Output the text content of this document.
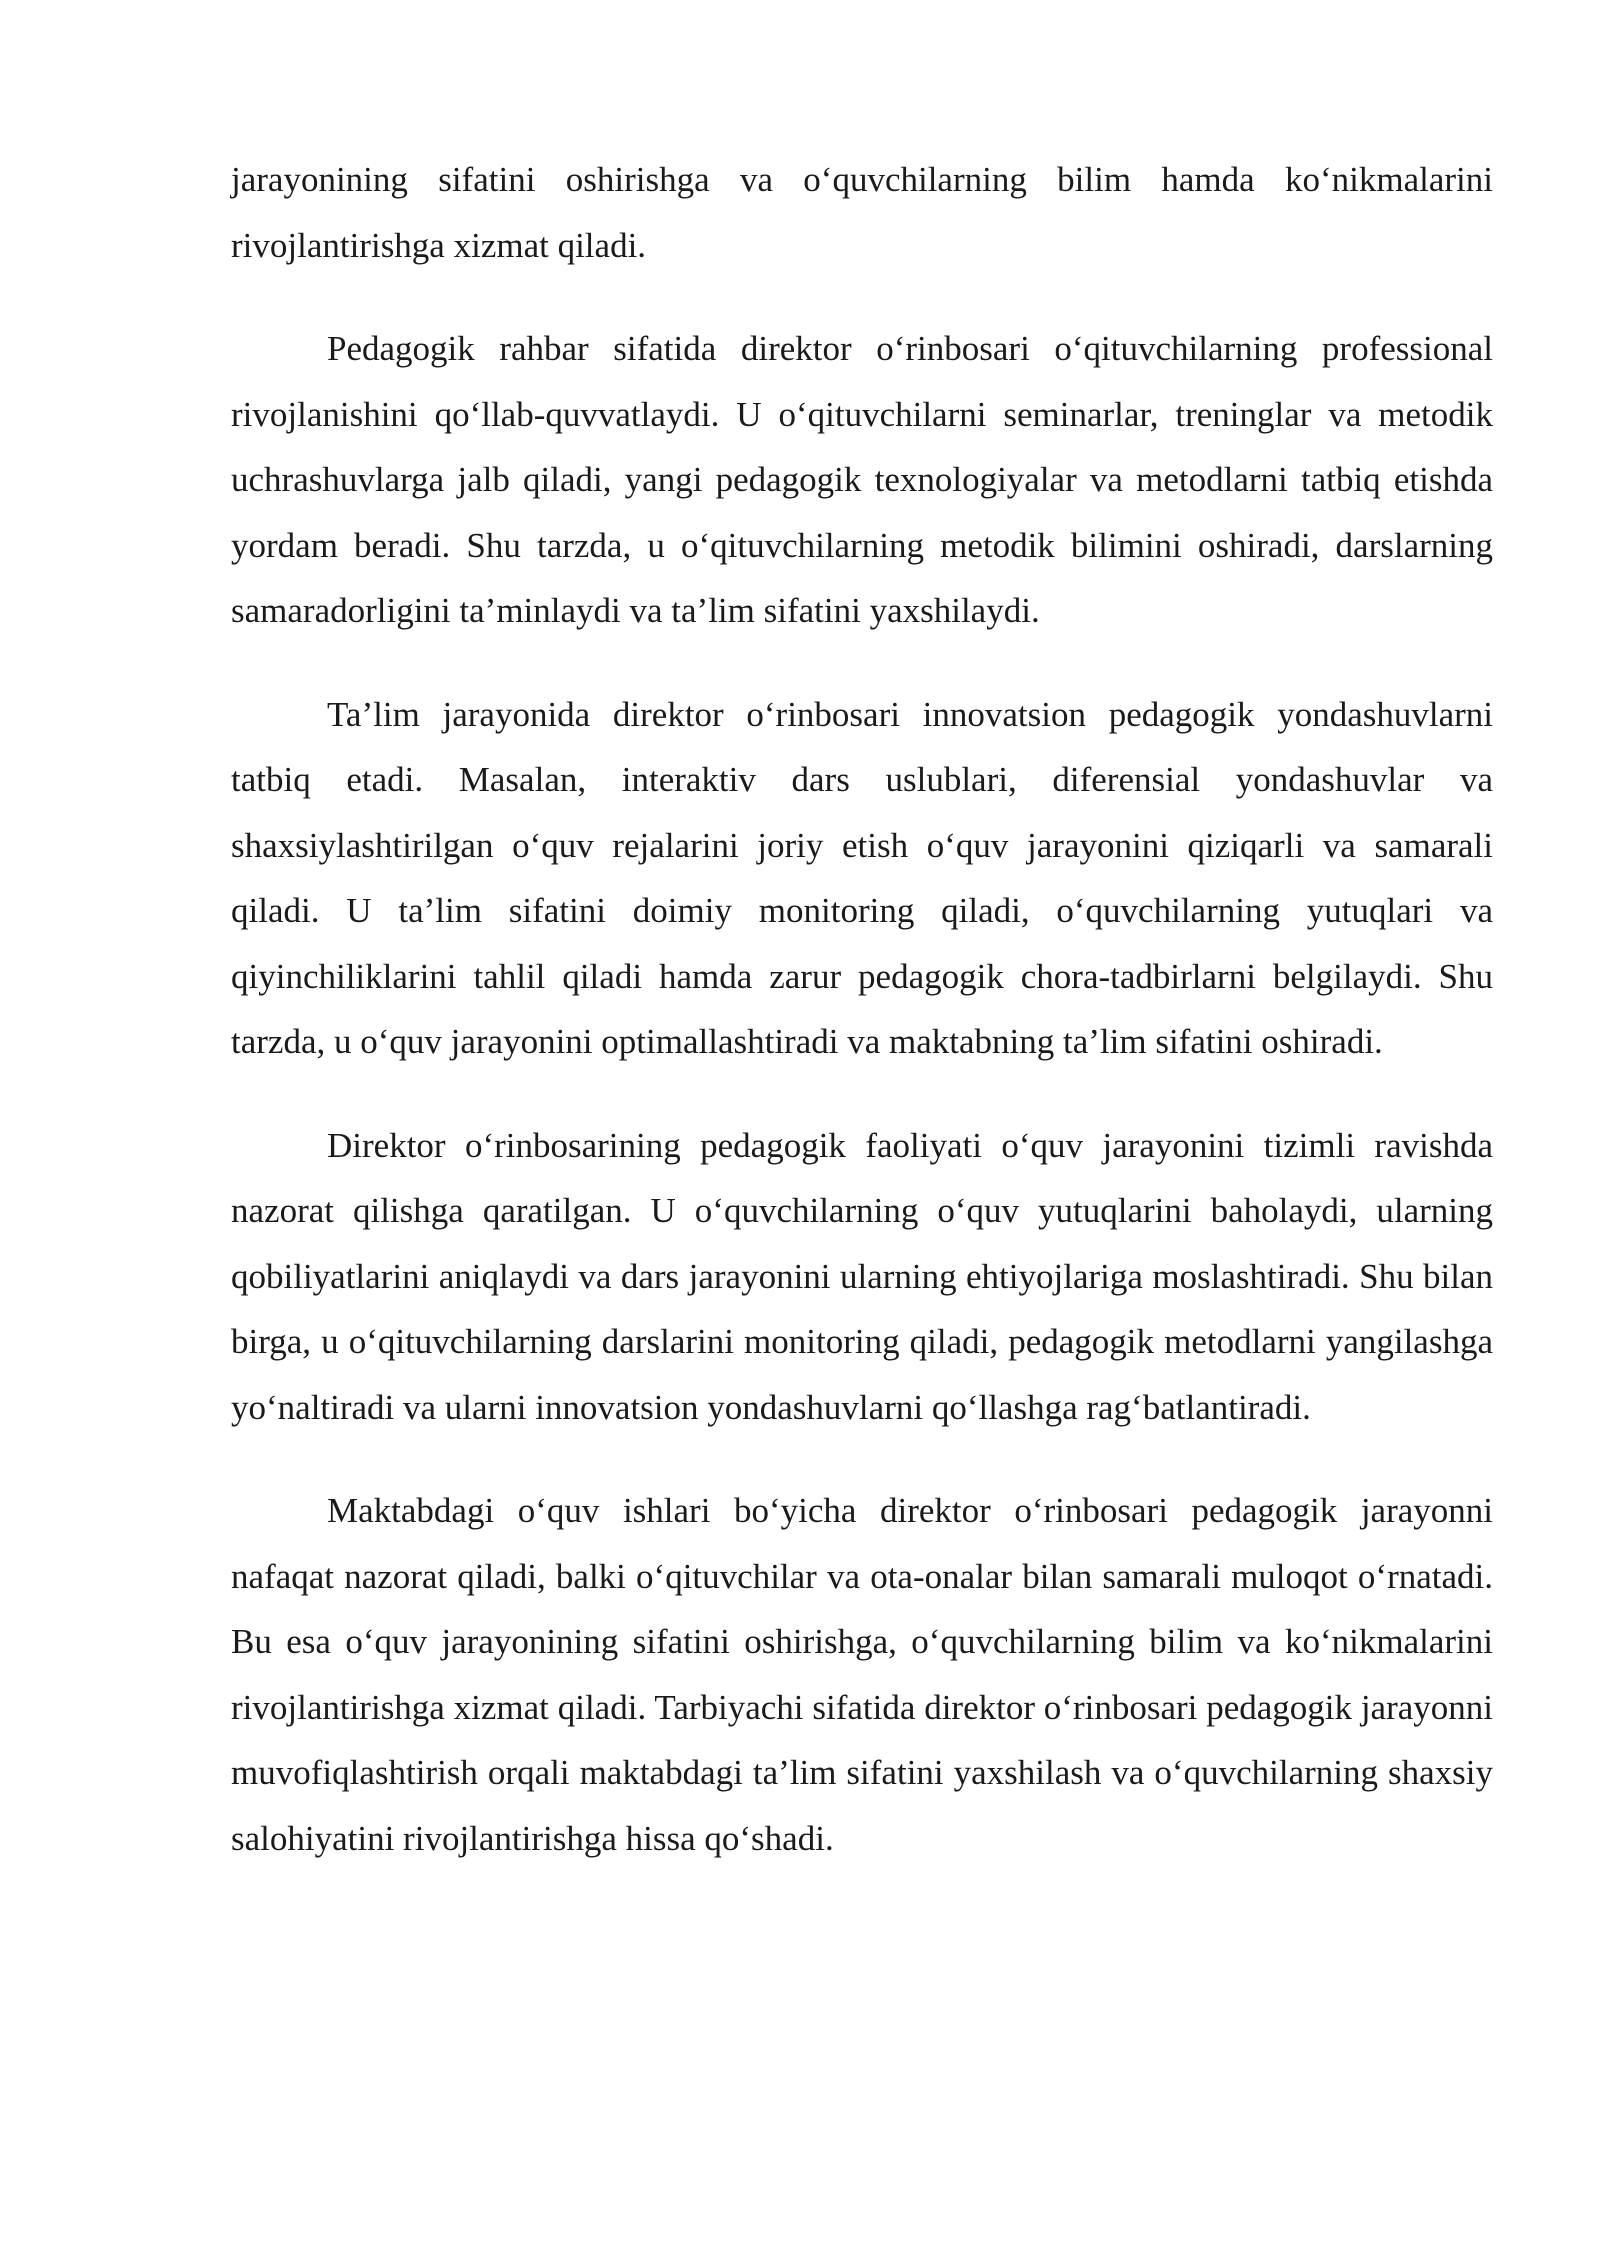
jarayonining sifatini oshirishga va o‘quvchilarning bilim hamda ko‘nikmalarini rivojlantirishga xizmat qiladi.

Pedagogik rahbar sifatida direktor o‘rinbosari o‘qituvchilarning professional rivojlanishini qo‘llab-quvvatlaydi. U o‘qituvchilarni seminarlar, treninglar va metodik uchrashuvlarga jalb qiladi, yangi pedagogik texnologiyalar va metodlarni tatbiq etishda yordam beradi. Shu tarzda, u o‘qituvchilarning metodik bilimini oshiradi, darslarning samaradorligini ta’minlaydi va ta’lim sifatini yaxshilaydi.

Ta’lim jarayonida direktor o‘rinbosari innovatsion pedagogik yondashuvlarni tatbiq etadi. Masalan, interaktiv dars uslublari, diferensial yondashuvlar va shaxsiylashtirilgan o‘quv rejalarini joriy etish o‘quv jarayonini qiziqarli va samarali qiladi. U ta’lim sifatini doimiy monitoring qiladi, o‘quvchilarning yutuqlari va qiyinchiliklarini tahlil qiladi hamda zarur pedagogik chora-tadbirlarni belgilaydi. Shu tarzda, u o‘quv jarayonini optimallashtiradi va maktabning ta’lim sifatini oshiradi.

Direktor o‘rinbosarining pedagogik faoliyati o‘quv jarayonini tizimli ravishda nazorat qilishga qaratilgan. U o‘quvchilarning o‘quv yutuqlarini baholaydi, ularning qobiliyatlarini aniqlaydi va dars jarayonini ularning ehtiyojlariga moslashtiradi. Shu bilan birga, u o‘qituvchilarning darslarini monitoring qiladi, pedagogik metodlarni yangilashga yo‘naltiradi va ularni innovatsion yondashuvlarni qo‘llashga rag‘batlantiradi.

Maktabdagi o‘quv ishlari bo‘yicha direktor o‘rinbosari pedagogik jarayonni nafaqat nazorat qiladi, balki o‘qituvchilar va ota-onalar bilan samarali muloqot o‘rnatadi. Bu esa o‘quv jarayonining sifatini oshirishga, o‘quvchilarning bilim va ko‘nikmalarini rivojlantirishga xizmat qiladi. Tarbiyachi sifatida direktor o‘rinbosari pedagogik jarayonni muvofiqlashtirish orqali maktabdagi ta’lim sifatini yaxshilash va o‘quvchilarning shaxsiy salohiyatini rivojlantirishga hissa qo‘shadi.
